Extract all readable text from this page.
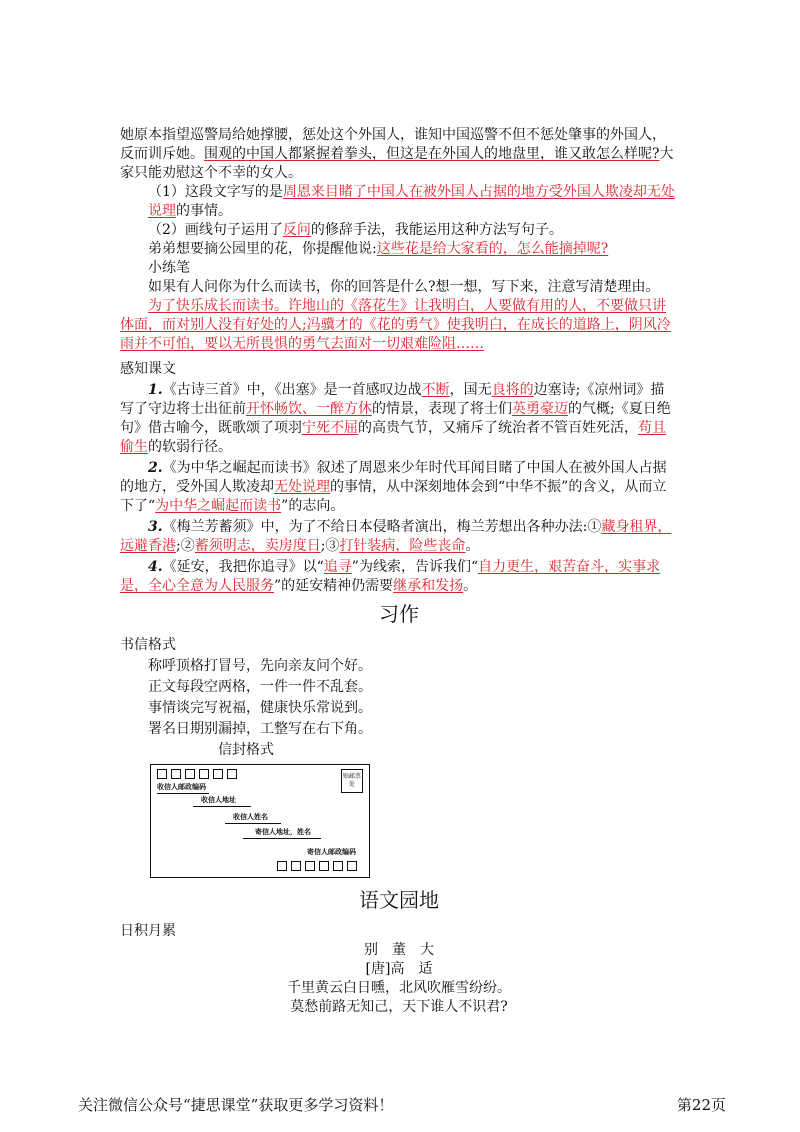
她原本指望巡警局给她撑腰，惩处这个外国人，谁知中国巡警不但不惩处肇事的外国人，反而训斥她。围观的中国人都紧握着拳头，但这是在外国人的地盘里，谁又敢怎么样呢?大家只能劝慰这个不幸的女人。

（1）这段文字写的是周恩来目睹了中国人在被外国人占据的地方受外国人欺凌却无处说理的事情。

（2）画线句子运用了反问的修辞手法，我能运用这种方法写句子。

弟弟想要摘公园里的花，你提醒他说:这些花是给大家看的，怎么能摘掉呢?

小练笔

如果有人问你为什么而读书，你的回答是什么?想一想，写下来，注意写清楚理由。

为了快乐成长而读书。许地山的《落花生》让我明白，人要做有用的人，不要做只讲体面，而对别人没有好处的人;冯骥才的《花的勇气》使我明白，在成长的道路上，阴风冷雨并不可怕，要以无所畏惧的勇气去面对一切艰难险阻……

感知课文

1.《古诗三首》中，《出塞》是一首感叹边战不断，国无良将的边塞诗;《凉州词》描写了守边将士出征前开怀畅饮、一醉方休的情景，表现了将士们英勇豪迈的气概;《夏日绝句》借古喻今，既歌颂了项羽宁死不屈的高贵气节，又痛斥了统治者不管百姓死活，苟且偷生的软弱行径。

2.《为中华之崛起而读书》叙述了周恩来少年时代耳闻目睹了中国人在被外国人占据的地方，受外国人欺凌却无处说理的事情，从中深刻地体会到“中华不振”的含义，从而立下了“为中华之崛起而读书”的志向。

3.《梅兰芳蓄须》中，为了不给日本侵略者演出，梅兰芳想出各种办法:①藏身租界，远避香港;②蓄须明志，卖房度日;③打针装病，险些丧命。

4.《延安，我把你追寻》以“追寻”为线索，告诉我们“自力更生，艰苦奋斗，实事求是，全心全意为人民服务”的延安精神仍需要继承和发扬。

习作

书信格式

称呼顶格打冒号，先向亲友问个好。

正文每段空两格，一件一件不乱套。

事情谈完写祝福，健康快乐常说到。

署名日期别漏掉，工整写在右下角。

信封格式

贴邮票处
收信人邮政编码
收信人地址
收信人姓名
寄信人地址，姓名
寄信人邮政编码
语文园地

日积月累

别　董　大

[唐]高　适

千里黄云白日曛，北风吹雁雪纷纷。

莫愁前路无知己，天下谁人不识君?

关注微信公众号“捷思课堂”获取更多学习资料！	第22页
